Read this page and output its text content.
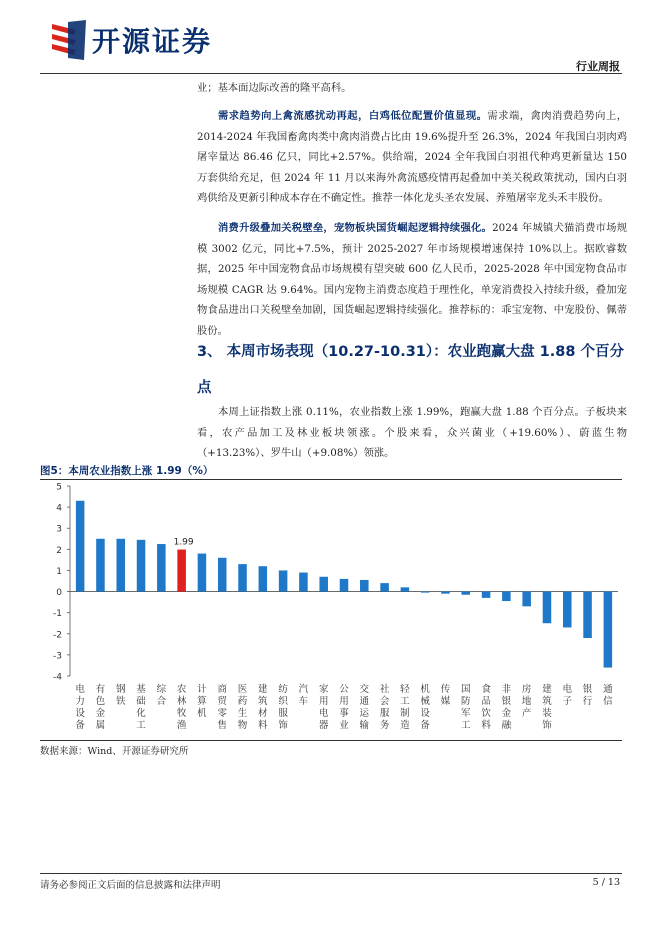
开源证券
行业周报
业；基本面边际改善的隆平高科。
需求趋势向上禽流感扰动再起，白鸡低位配置价值显现。需求端，禽肉消费趋势向上，2014-2024 年我国畜禽肉类中禽肉消费占比由 19.6%提升至 26.3%，2024 年我国白羽肉鸡屠宰量达 86.46 亿只，同比+2.57%。供给端，2024 全年我国白羽祖代种鸡更新量达 150 万套供给充足，但 2024 年 11 月以来海外禽流感疫情再起叠加中美关税政策扰动，国内白羽鸡供给及更新引种成本存在不确定性。推荐一体化龙头圣农发展、养殖屠宰龙头禾丰股份。
消费升级叠加关税壁垒，宠物板块国货崛起逻辑持续强化。2024 年城镇犬猫消费市场规模 3002 亿元，同比+7.5%，预计 2025-2027 年市场规模增速保持 10%以上。据欧睿数据，2025 年中国宠物食品市场规模有望突破 600 亿人民币，2025-2028 年中国宠物食品市场规模 CAGR 达 9.64%。国内宠物主消费态度趋于理性化，单宠消费投入持续升级，叠加宠物食品进出口关税壁垒加剧，国货崛起逻辑持续强化。推荐标的：乖宝宠物、中宠股份、佩蒂股份。
3、 本周市场表现（10.27-10.31）：农业跑赢大盘 1.88 个百分点
本周上证指数上涨 0.11%，农业指数上涨 1.99%，跑赢大盘 1.88 个百分点。子板块来看，农产品加工及林业板块领涨。个股来看，众兴菌业（+19.60%）、蔚蓝生物（+13.23%）、罗牛山（+9.08%）领涨。
图5：本周农业指数上涨 1.99（%）
5
4
3
2
1
0
-1
-2
-3
-4
1.99
电力设备
有色金属
钢铁
基础化工
综合
农林牧渔
计算机
商贸零售
医药生物
建筑材料
纺织服饰
汽车
家用电器
公用事业
交通运输
社会服务
轻工制造
机械设备
传媒
国防军工
食品饮料
非银金融
房地产
建筑装饰
电子
银行
通信
数据来源：Wind、开源证券研究所
请务必参阅正文后面的信息披露和法律声明	5 / 13
